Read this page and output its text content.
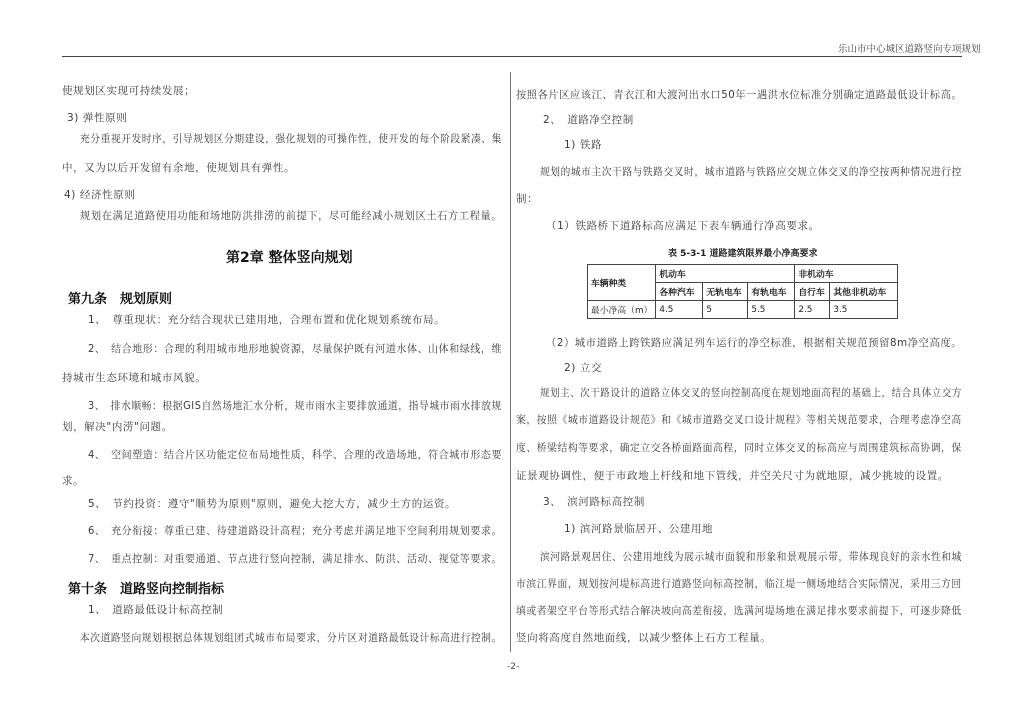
乐山市中心城区道路竖向专项规划
使规划区实现可持续发展；
3) 弹性原则
充分重视开发时序，引导规划区分期建设，强化规划的可操作性，使开发的每个阶段紧凑、集
中，又为以后开发留有余地，使规划具有弹性。
4) 经济性原则
规划在满足道路使用功能和场地防洪排涝的前提下，尽可能经减小规划区土石方工程量。
第2章 整体竖向规划
第九条　规划原则
1、　尊重现状：充分结合现状已建用地，合理布置和优化规划系统布局。
2、　结合地形：合理的利用城市地形地貌资源，尽量保护既有河道水体、山体和绿线，维
持城市生态环境和城市风貌。
3、　排水顺畅：根据GIS自然场地汇水分析，规市雨水主要排放通道，指导城市雨水排放规
划，解决"内涝"问题。
4、　空间塑造：结合片区功能定位布局地性质，科学、合理的改造场地，符合城市形态要
求。
5、　节约投资：遵守"顺势为原则"原则，避免大挖大方，减少土方的运资。
6、　充分衔接：尊重已建、待建道路设计高程；充分考虑并满足地下空间利用规划要求。
7、　重点控制：对重要通道、节点进行竖向控制，满足排水、防洪、活动、视觉等要求。
第十条　道路竖向控制指标
1、　道路最低设计标高控制
本次道路竖向规划根据总体规划组团式城市布局要求，分片区对道路最低设计标高进行控制。
按照各片区应该江、青衣江和大渡河出水口50年一遇洪水位标准分别确定道路最低设计标高。
2、　道路净空控制
1) 铁路
规划的城市主次干路与铁路交叉时，城市道路与铁路应交规立体交叉的净空按两种情况进行控
制：
（1）铁路桥下道路标高应满足下表车辆通行净高要求。
表 5-3-1 道路建筑限界最小净高要求
车辆种类	机动车			非机动车	
	各种汽车	无轨电车	有轨电车	自行车	其他非机动车
最小净高（m）	4.5	5	5.5	2.5	3.5
（2）城市道路上跨铁路应满足列车运行的净空标准，根据相关规范预留8m净空高度。
2) 立交
规划主、次干路设计的道路立体交叉的竖向控制高度在规划地面高程的基础上，结合具体立交方
案，按照《城市道路设计规范》和《城市道路交叉口设计规程》等相关规范要求，合理考虑净空高
度、桥梁结构等要求，确定立交各桥面路面高程，同时立体交叉的标高应与周围建筑标高协调，保
证景观协调性，便于市政地上杆线和地下管线，并空关尺寸为就地原，减少挑坡的设置。
3、　滨河路标高控制
1) 滨河路景临居开、公建用地
滨河路景观居住、公建用地线为展示城市面貌和形象和景观展示带，带体现良好的亲水性和城
市滨江界面，规划按河堤标高进行道路竖向标高控制，临江堤一侧场地结合实际情况，采用三方回
填或者架空平台等形式结合解决坡向高差衔接，选满河堤场地在满足排水要求前提下，可逐步降低
竖向将高度自然地面线，以减少整体上石方工程量。
-2-
